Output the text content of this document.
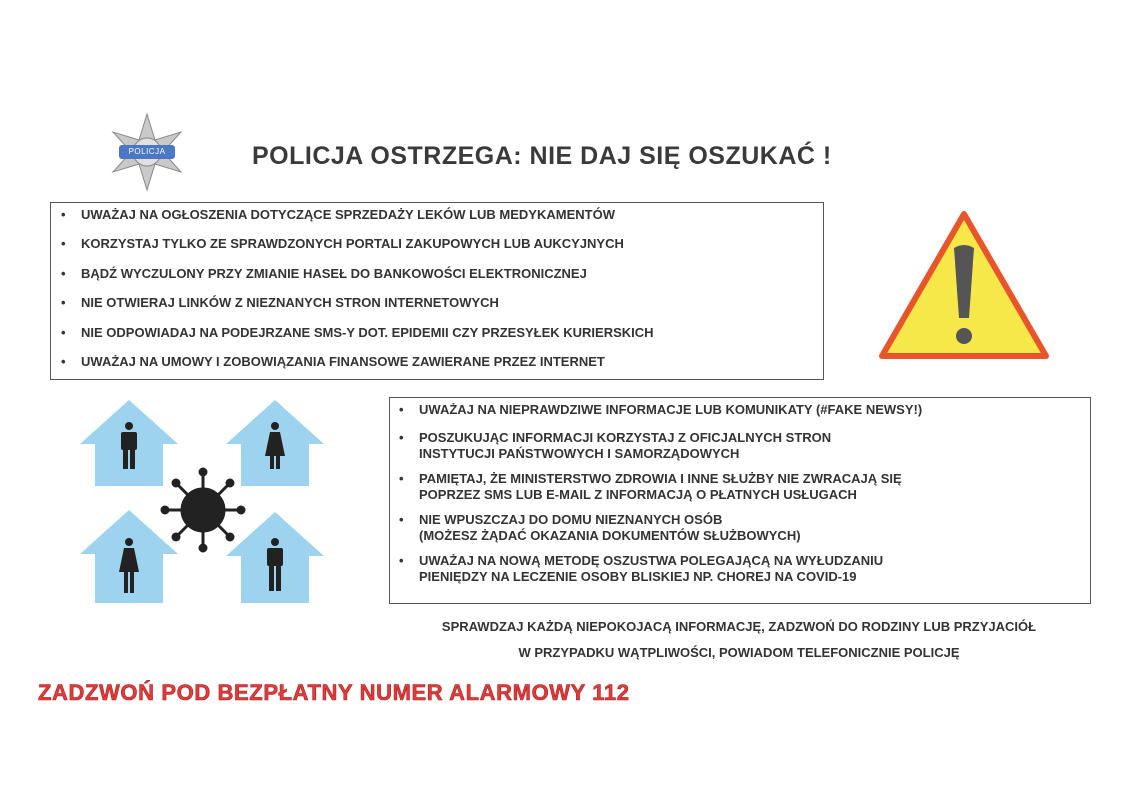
POLICJA	POLICJA OSTRZEGA: NIE DAJ SIĘ OSZUKAĆ !
• UWAŻAJ NA OGŁOSZENIA DOTYCZĄCE SPRZEDAŻY LEKÓW LUB MEDYKAMENTÓW
• KORZYSTAJ TYLKO ZE SPRAWDZONYCH PORTALI ZAKUPOWYCH LUB AUKCYJNYCH
• BĄDŹ WYCZULONY PRZY ZMIANIE HASEŁ DO BANKOWOŚCI ELEKTRONICZNEJ
• NIE OTWIERAJ LINKÓW Z NIEZNANYCH STRON INTERNETOWYCH
• NIE ODPOWIADAJ NA PODEJRZANE SMS-Y DOT. EPIDEMII CZY PRZESYŁEK KURIERSKICH
• UWAŻAJ NA UMOWY I ZOBOWIĄZANIA FINANSOWE ZAWIERANE PRZEZ INTERNET
• UWAŻAJ NA NIEPRAWDZIWE INFORMACJE LUB KOMUNIKATY (#FAKE NEWSY!)
• POSZUKUJĄC INFORMACJI KORZYSTAJ Z OFICJALNYCH STRON
INSTYTUCJI PAŃSTWOWYCH I SAMORZĄDOWYCH
• PAMIĘTAJ, ŻE MINISTERSTWO ZDROWIA I INNE SŁUŻBY NIE ZWRACAJĄ SIĘ
POPRZEZ SMS LUB E-MAIL Z INFORMACJĄ O PŁATNYCH USŁUGACH
• NIE WPUSZCZAJ DO DOMU NIEZNANYCH OSÓB
(MOŻESZ ŻĄDAĆ OKAZANIA DOKUMENTÓW SŁUŻBOWYCH)
• UWAŻAJ NA NOWĄ METODĘ OSZUSTWA POLEGAJĄCĄ NA WYŁUDZANIU
PIENIĘDZY NA LECZENIE OSOBY BLISKIEJ NP. CHOREJ NA COVID-19
SPRAWDZAJ KAŻDĄ NIEPOKOJACĄ INFORMACJĘ, ZADZWOŃ DO RODZINY LUB PRZYJACIÓŁ
W PRZYPADKU WĄTPLIWOŚCI, POWIADOM TELEFONICZNIE POLICJĘ
ZADZWOŃ POD BEZPŁATNY NUMER ALARMOWY 112
